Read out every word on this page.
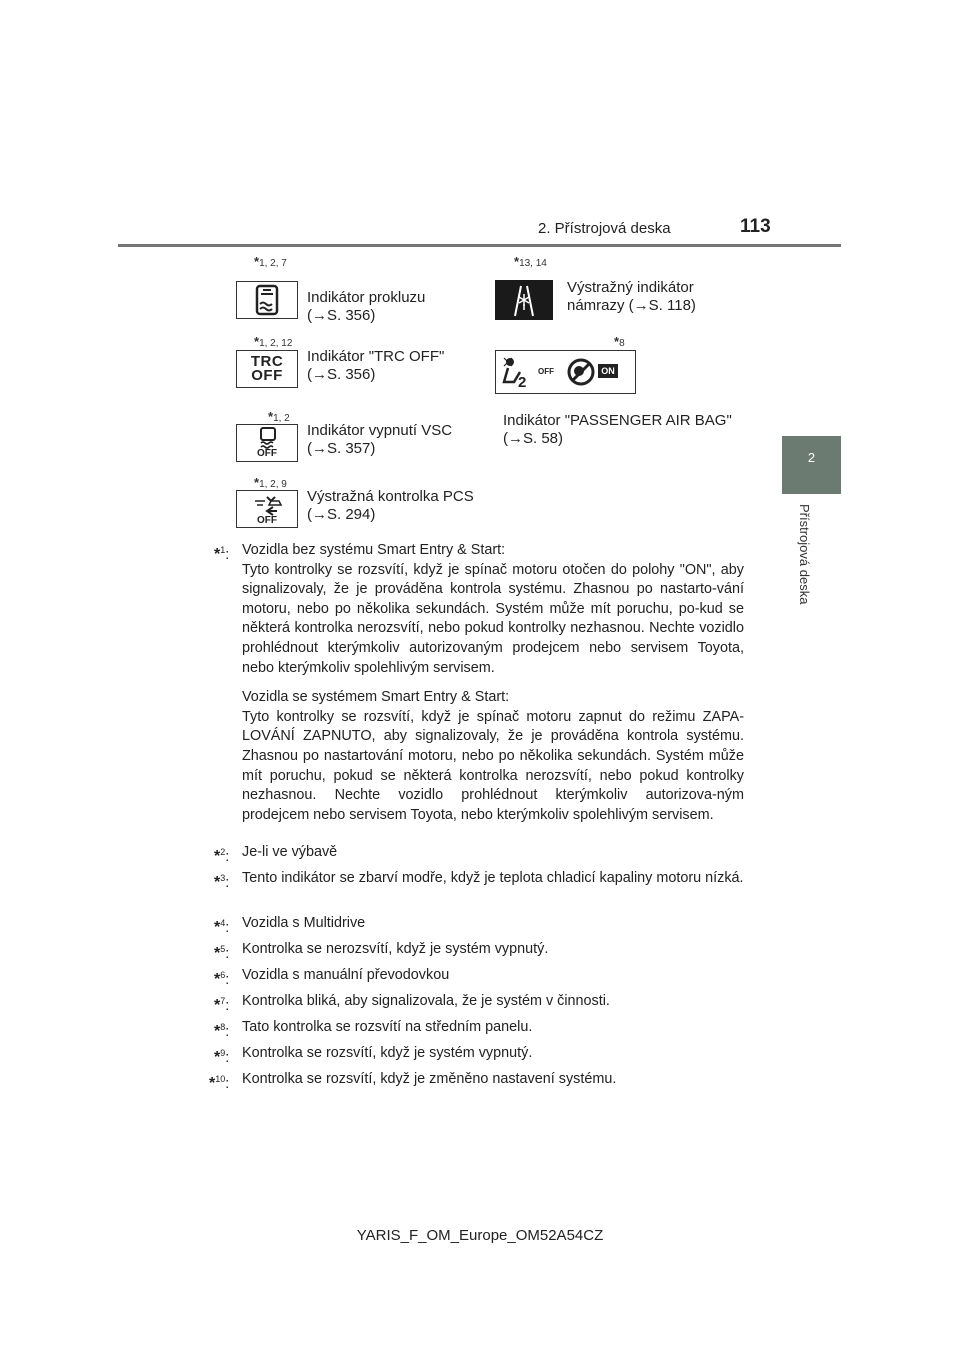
2. Přístrojová deska	113
2
Přístrojová deska
*1, 2, 7
Indikátor prokluzu
(→S. 356)
*13, 14
Výstražný indikátor
námrazy (→S. 118)
*1, 2, 12
TRC
OFF
Indikátor "TRC OFF"
(→S. 356)
*8
2
OFF	ON
Indikátor "PASSENGER AIR BAG"
(→S. 58)
*1, 2
OFF
Indikátor vypnutí VSC
(→S. 357)
*1, 2, 9
OFF
Výstražná kontrolka PCS
(→S. 294)
*$^1$: Vozidla bez systému Smart Entry & Start:
Tyto kontrolky se rozsvítí, když je spínač motoru otočen do polohy "ON", aby signalizovaly, že je prováděna kontrola systému. Zhasnou po nastarto-vání motoru, nebo po několika sekundách. Systém může mít poruchu, po-kud se některá kontrolka nerozsvítí, nebo pokud kontrolky nezhasnou. Nechte vozidlo prohlédnout kterýmkoliv autorizovaným prodejcem nebo servisem Toyota, nebo kterýmkoliv spolehlivým servisem.
Vozidla se systémem Smart Entry & Start:
Tyto kontrolky se rozsvítí, když je spínač motoru zapnut do režimu ZAPA-LOVÁNÍ ZAPNUTO, aby signalizovaly, že je prováděna kontrola systému. Zhasnou po nastartování motoru, nebo po několika sekundách. Systém může mít poruchu, pokud se některá kontrolka nerozsvítí, nebo pokud kontrolky nezhasnou. Nechte vozidlo prohlédnout kterýmkoliv autorizova-ným prodejcem nebo servisem Toyota, nebo kterýmkoliv spolehlivým servisem.
*$^2$: Je-li ve výbavě
*$^3$: Tento indikátor se zbarví modře, když je teplota chladicí kapaliny motoru nízká.
*$^4$: Vozidla s Multidrive
*$^5$: Kontrolka se nerozsvítí, když je systém vypnutý.
*$^6$: Vozidla s manuální převodovkou
*$^7$: Kontrolka bliká, aby signalizovala, že je systém v činnosti.
*$^8$: Tato kontrolka se rozsvítí na středním panelu.
*$^9$: Kontrolka se rozsvítí, když je systém vypnutý.
*$^{10}$: Kontrolka se rozsvítí, když je změněno nastavení systému.
YARIS_F_OM_Europe_OM52A54CZ
